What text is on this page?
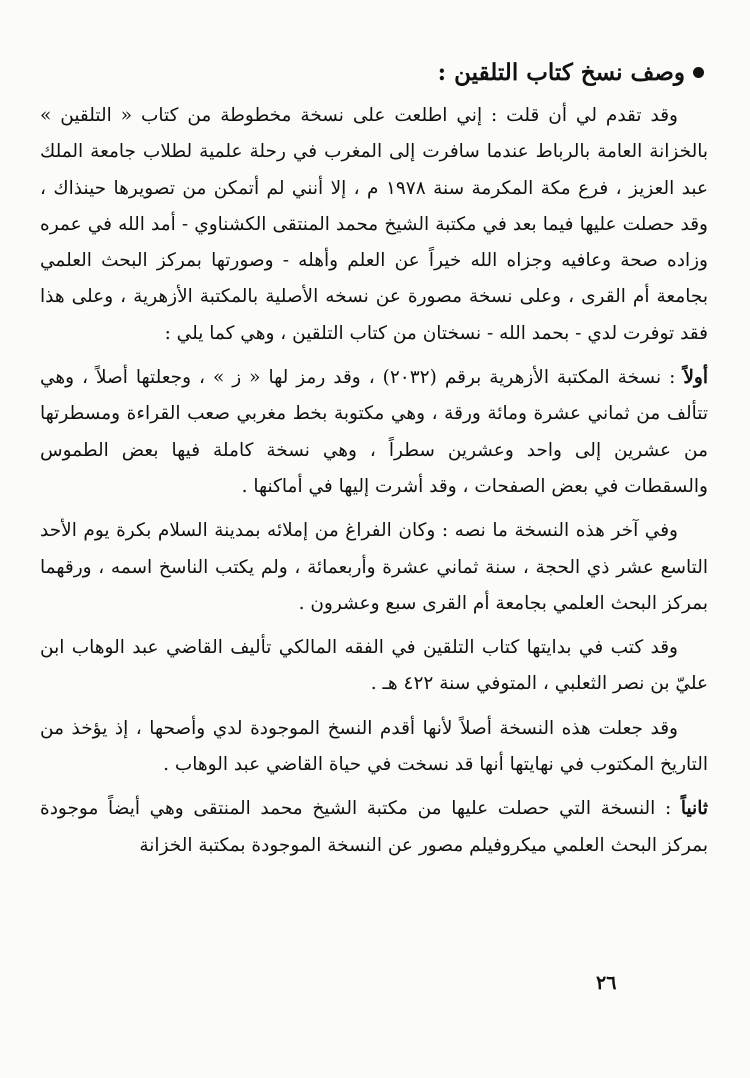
وصف نسخ كتاب التلقين :

وقد تقدم لي أن قلت : إني اطلعت على نسخة مخطوطة من كتاب « التلقين » بالخزانة العامة بالرباط عندما سافرت إلى المغرب في رحلة علمية لطلاب جامعة الملك عبد العزيز ، فرع مكة المكرمة سنة ١٩٧٨ م ، إلا أنني لم أتمكن من تصويرها حينذاك ، وقد حصلت عليها فيما بعد في مكتبة الشيخ محمد المنتقى الكشناوي - أمد الله في عمره وزاده صحة وعافيه وجزاه الله خيراً عن العلم وأهله - وصورتها بمركز البحث العلمي بجامعة أم القرى ، وعلى نسخة مصورة عن نسخه الأصلية بالمكتبة الأزهرية ، وعلى هذا فقد توفرت لدي - بحمد الله - نسختان من كتاب التلقين ، وهي كما يلي :

أولاً : نسخة المكتبة الأزهرية برقم (٢٠٣٢) ، وقد رمز لها « ز » ، وجعلتها أصلاً ، وهي تتألف من ثماني عشرة ومائة ورقة ، وهي مكتوبة بخط مغربي صعب القراءة ومسطرتها من عشرين إلى واحد وعشرين سطراً ، وهي نسخة كاملة فيها بعض الطموس والسقطات في بعض الصفحات ، وقد أشرت إليها في أماكنها .

وفي آخر هذه النسخة ما نصه : وكان الفراغ من إملائه بمدينة السلام بكرة يوم الأحد التاسع عشر ذي الحجة ، سنة ثماني عشرة وأربعمائة ، ولم يكتب الناسخ اسمه ، ورقهما بمركز البحث العلمي بجامعة أم القرى سبع وعشرون .

وقد كتب في بدايتها كتاب التلقين في الفقه المالكي تأليف القاضي عبد الوهاب ابن عليّ بن نصر الثعلبي ، المتوفي سنة ٤٢٢ هـ .

وقد جعلت هذه النسخة أصلاً لأنها أقدم النسخ الموجودة لدي وأصحها ، إذ يؤخذ من التاريخ المكتوب في نهايتها أنها قد نسخت في حياة القاضي عبد الوهاب .

ثانياً : النسخة التي حصلت عليها من مكتبة الشيخ محمد المنتقى وهي أيضاً موجودة بمركز البحث العلمي ميكروفيلم مصور عن النسخة الموجودة بمكتبة الخزانة

٢٦
